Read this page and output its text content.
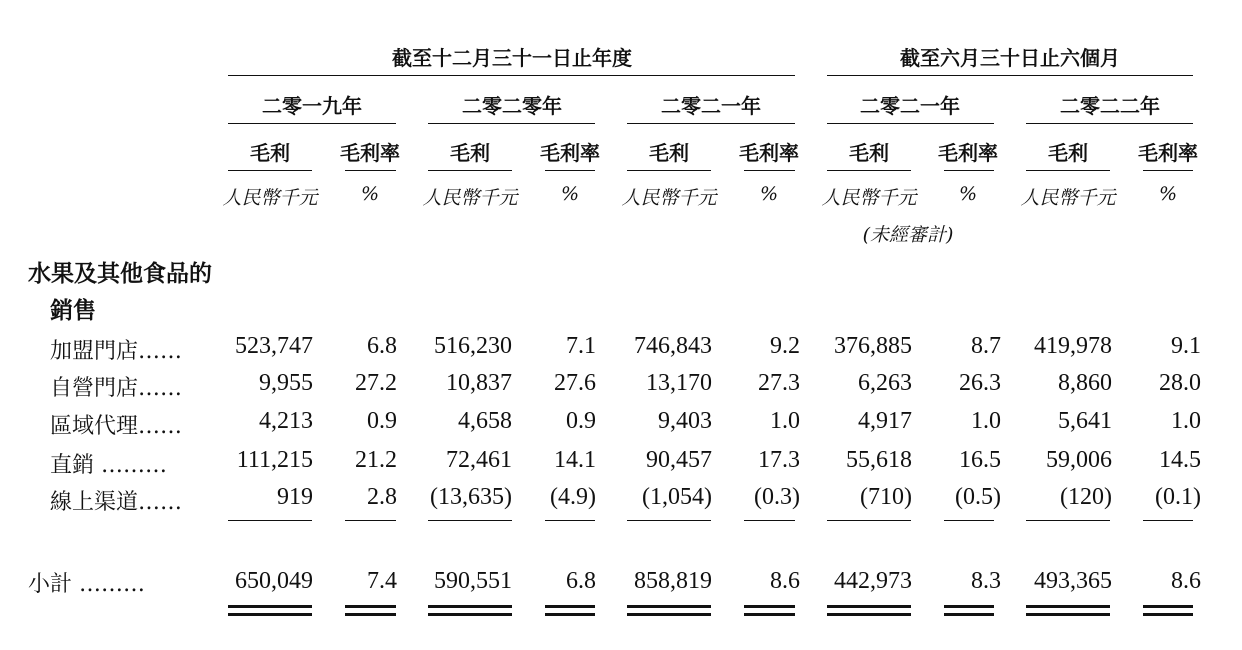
截至十二月三十一日止年度	截至六月三十日止六個月
二零一九年	二零二零年	二零二一年	二零二一年	二零二二年
毛利	毛利率	毛利	毛利率 毛利	毛利率	毛利 毛利率	毛利	毛利率
人民幣千元 % 人民幣千元 % 人民幣千元 % 人民幣千元 % 人民幣千元 %
(未經審計)
水果及其他食品的
銷售
加盟門店…… 523,747 6.8 516,230 7.1 746,843 9.2 376,885 8.7 419,978 9.1
自營門店……	9,955 27.2 10,837 27.6 13,170 27.3 6,263 26.3 8,860 28.0
區域代理……	4,213 0.9	4,658 0.9	9,403 1.0 4,917 1.0 5,641 1.0
直銷 ………	111,215 21.2 72,461 14.1 90,457 17.3 55,618 16.5 59,006 14.5
線上渠道……	919 2.8 (13,635) (4.9) (1,054) (0.3)	(710) (0.5) (120) (0.1)
小計 ………	650,049 7.4 590,551 6.8 858,819 8.6 442,973 8.3 493,365 8.6
